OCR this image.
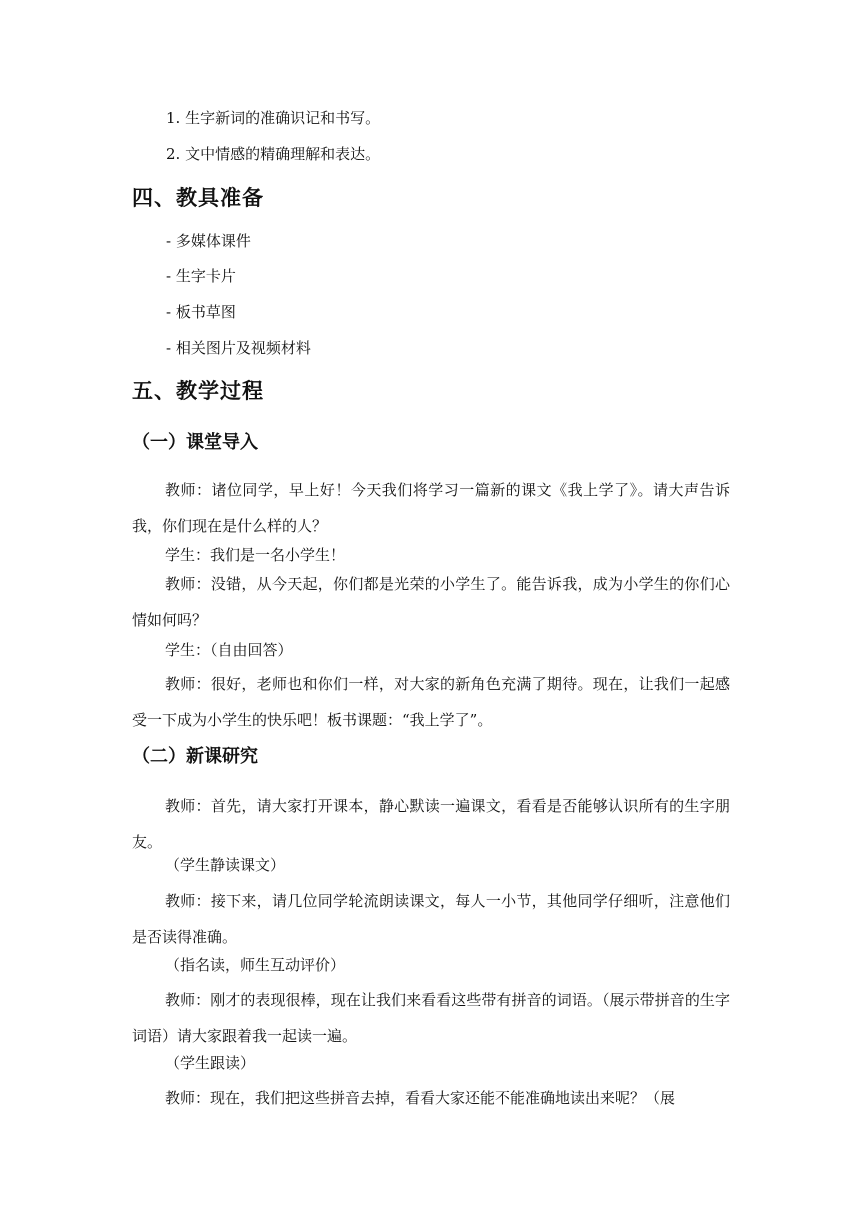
1. 生字新词的准确识记和书写。
2. 文中情感的精确理解和表达。
四、教具准备
- 多媒体课件
- 生字卡片
- 板书草图
- 相关图片及视频材料
五、教学过程
（一）课堂导入
教师：诸位同学，早上好！今天我们将学习一篇新的课文《我上学了》。请大声告诉我，你们现在是什么样的人？
学生：我们是一名小学生！
教师：没错，从今天起，你们都是光荣的小学生了。能告诉我，成为小学生的你们心情如何吗？
学生：（自由回答）
教师：很好，老师也和你们一样，对大家的新角色充满了期待。现在，让我们一起感受一下成为小学生的快乐吧！板书课题：“我上学了”。
（二）新课研究
教师：首先，请大家打开课本，静心默读一遍课文，看看是否能够认识所有的生字朋友。
（学生静读课文）
教师：接下来，请几位同学轮流朗读课文，每人一小节，其他同学仔细听，注意他们是否读得准确。
（指名读，师生互动评价）
教师：刚才的表现很棒，现在让我们来看看这些带有拼音的词语。（展示带拼音的生字词语）请大家跟着我一起读一遍。
（学生跟读）
教师：现在，我们把这些拼音去掉，看看大家还能不能准确地读出来呢？（展
